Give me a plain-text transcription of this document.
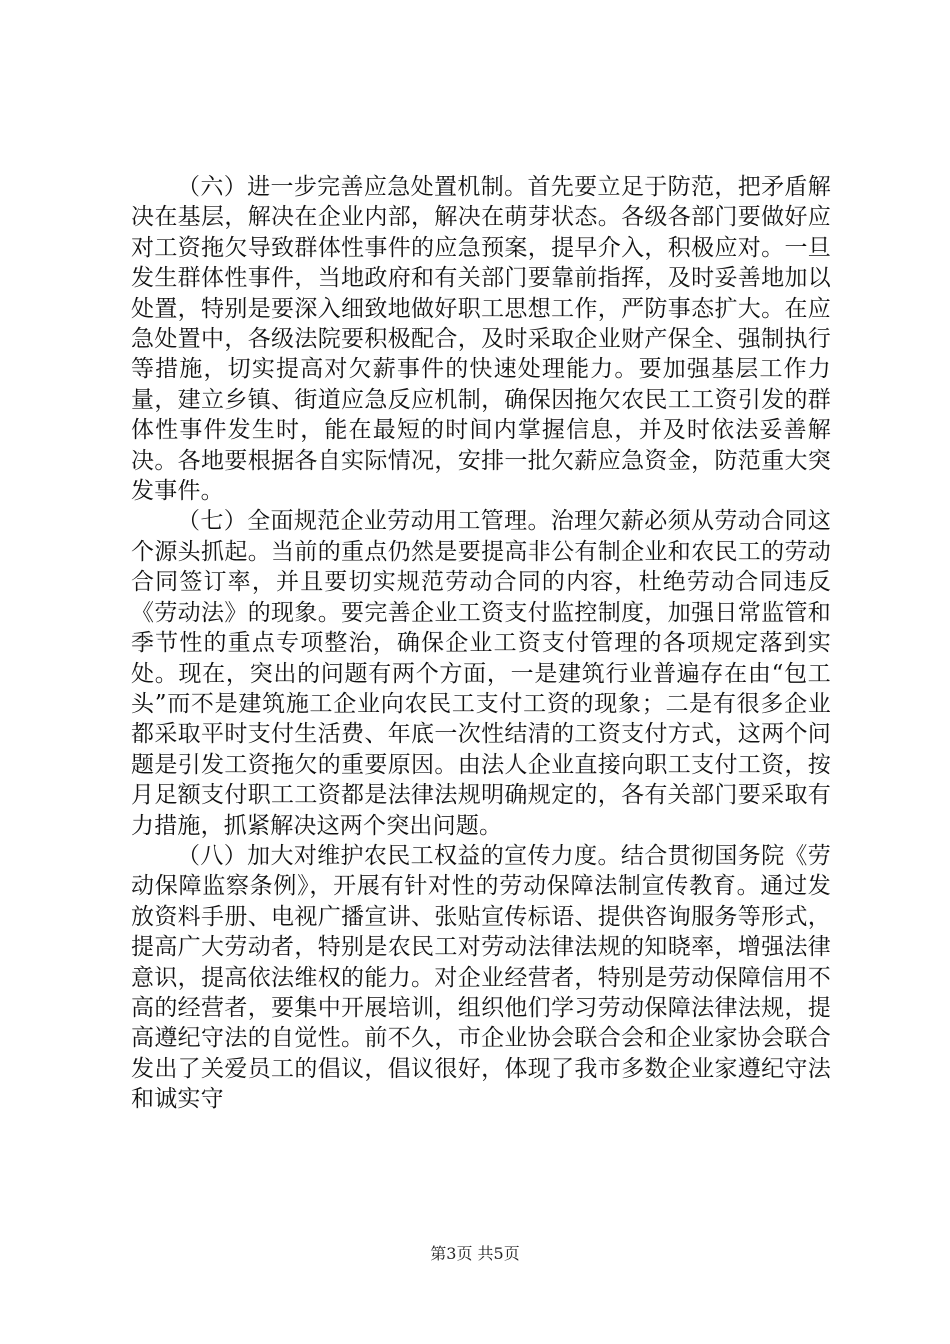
（六）进一步完善应急处置机制。首先要立足于防范，把矛盾解决在基层，解决在企业内部，解决在萌芽状态。各级各部门要做好应对工资拖欠导致群体性事件的应急预案，提早介入，积极应对。一旦发生群体性事件，当地政府和有关部门要靠前指挥，及时妥善地加以处置，特别是要深入细致地做好职工思想工作，严防事态扩大。在应急处置中，各级法院要积极配合，及时采取企业财产保全、强制执行等措施，切实提高对欠薪事件的快速处理能力。要加强基层工作力量，建立乡镇、街道应急反应机制，确保因拖欠农民工工资引发的群体性事件发生时，能在最短的时间内掌握信息，并及时依法妥善解决。各地要根据各自实际情况，安排一批欠薪应急资金，防范重大突发事件。

（七）全面规范企业劳动用工管理。治理欠薪必须从劳动合同这个源头抓起。当前的重点仍然是要提高非公有制企业和农民工的劳动合同签订率，并且要切实规范劳动合同的内容，杜绝劳动合同违反《劳动法》的现象。要完善企业工资支付监控制度，加强日常监管和季节性的重点专项整治，确保企业工资支付管理的各项规定落到实处。现在，突出的问题有两个方面，一是建筑行业普遍存在由“包工头”而不是建筑施工企业向农民工支付工资的现象；二是有很多企业都采取平时支付生活费、年底一次性结清的工资支付方式，这两个问题是引发工资拖欠的重要原因。由法人企业直接向职工支付工资，按月足额支付职工工资都是法律法规明确规定的，各有关部门要采取有力措施，抓紧解决这两个突出问题。

（八）加大对维护农民工权益的宣传力度。结合贯彻国务院《劳动保障监察条例》，开展有针对性的劳动保障法制宣传教育。通过发放资料手册、电视广播宣讲、张贴宣传标语、提供咨询服务等形式，提高广大劳动者，特别是农民工对劳动法律法规的知晓率，增强法律意识，提高依法维权的能力。对企业经营者，特别是劳动保障信用不高的经营者，要集中开展培训，组织他们学习劳动保障法律法规，提高遵纪守法的自觉性。前不久，市企业协会联合会和企业家协会联合发出了关爱员工的倡议，倡议很好，体现了我市多数企业家遵纪守法和诚实守

第3页 共5页
